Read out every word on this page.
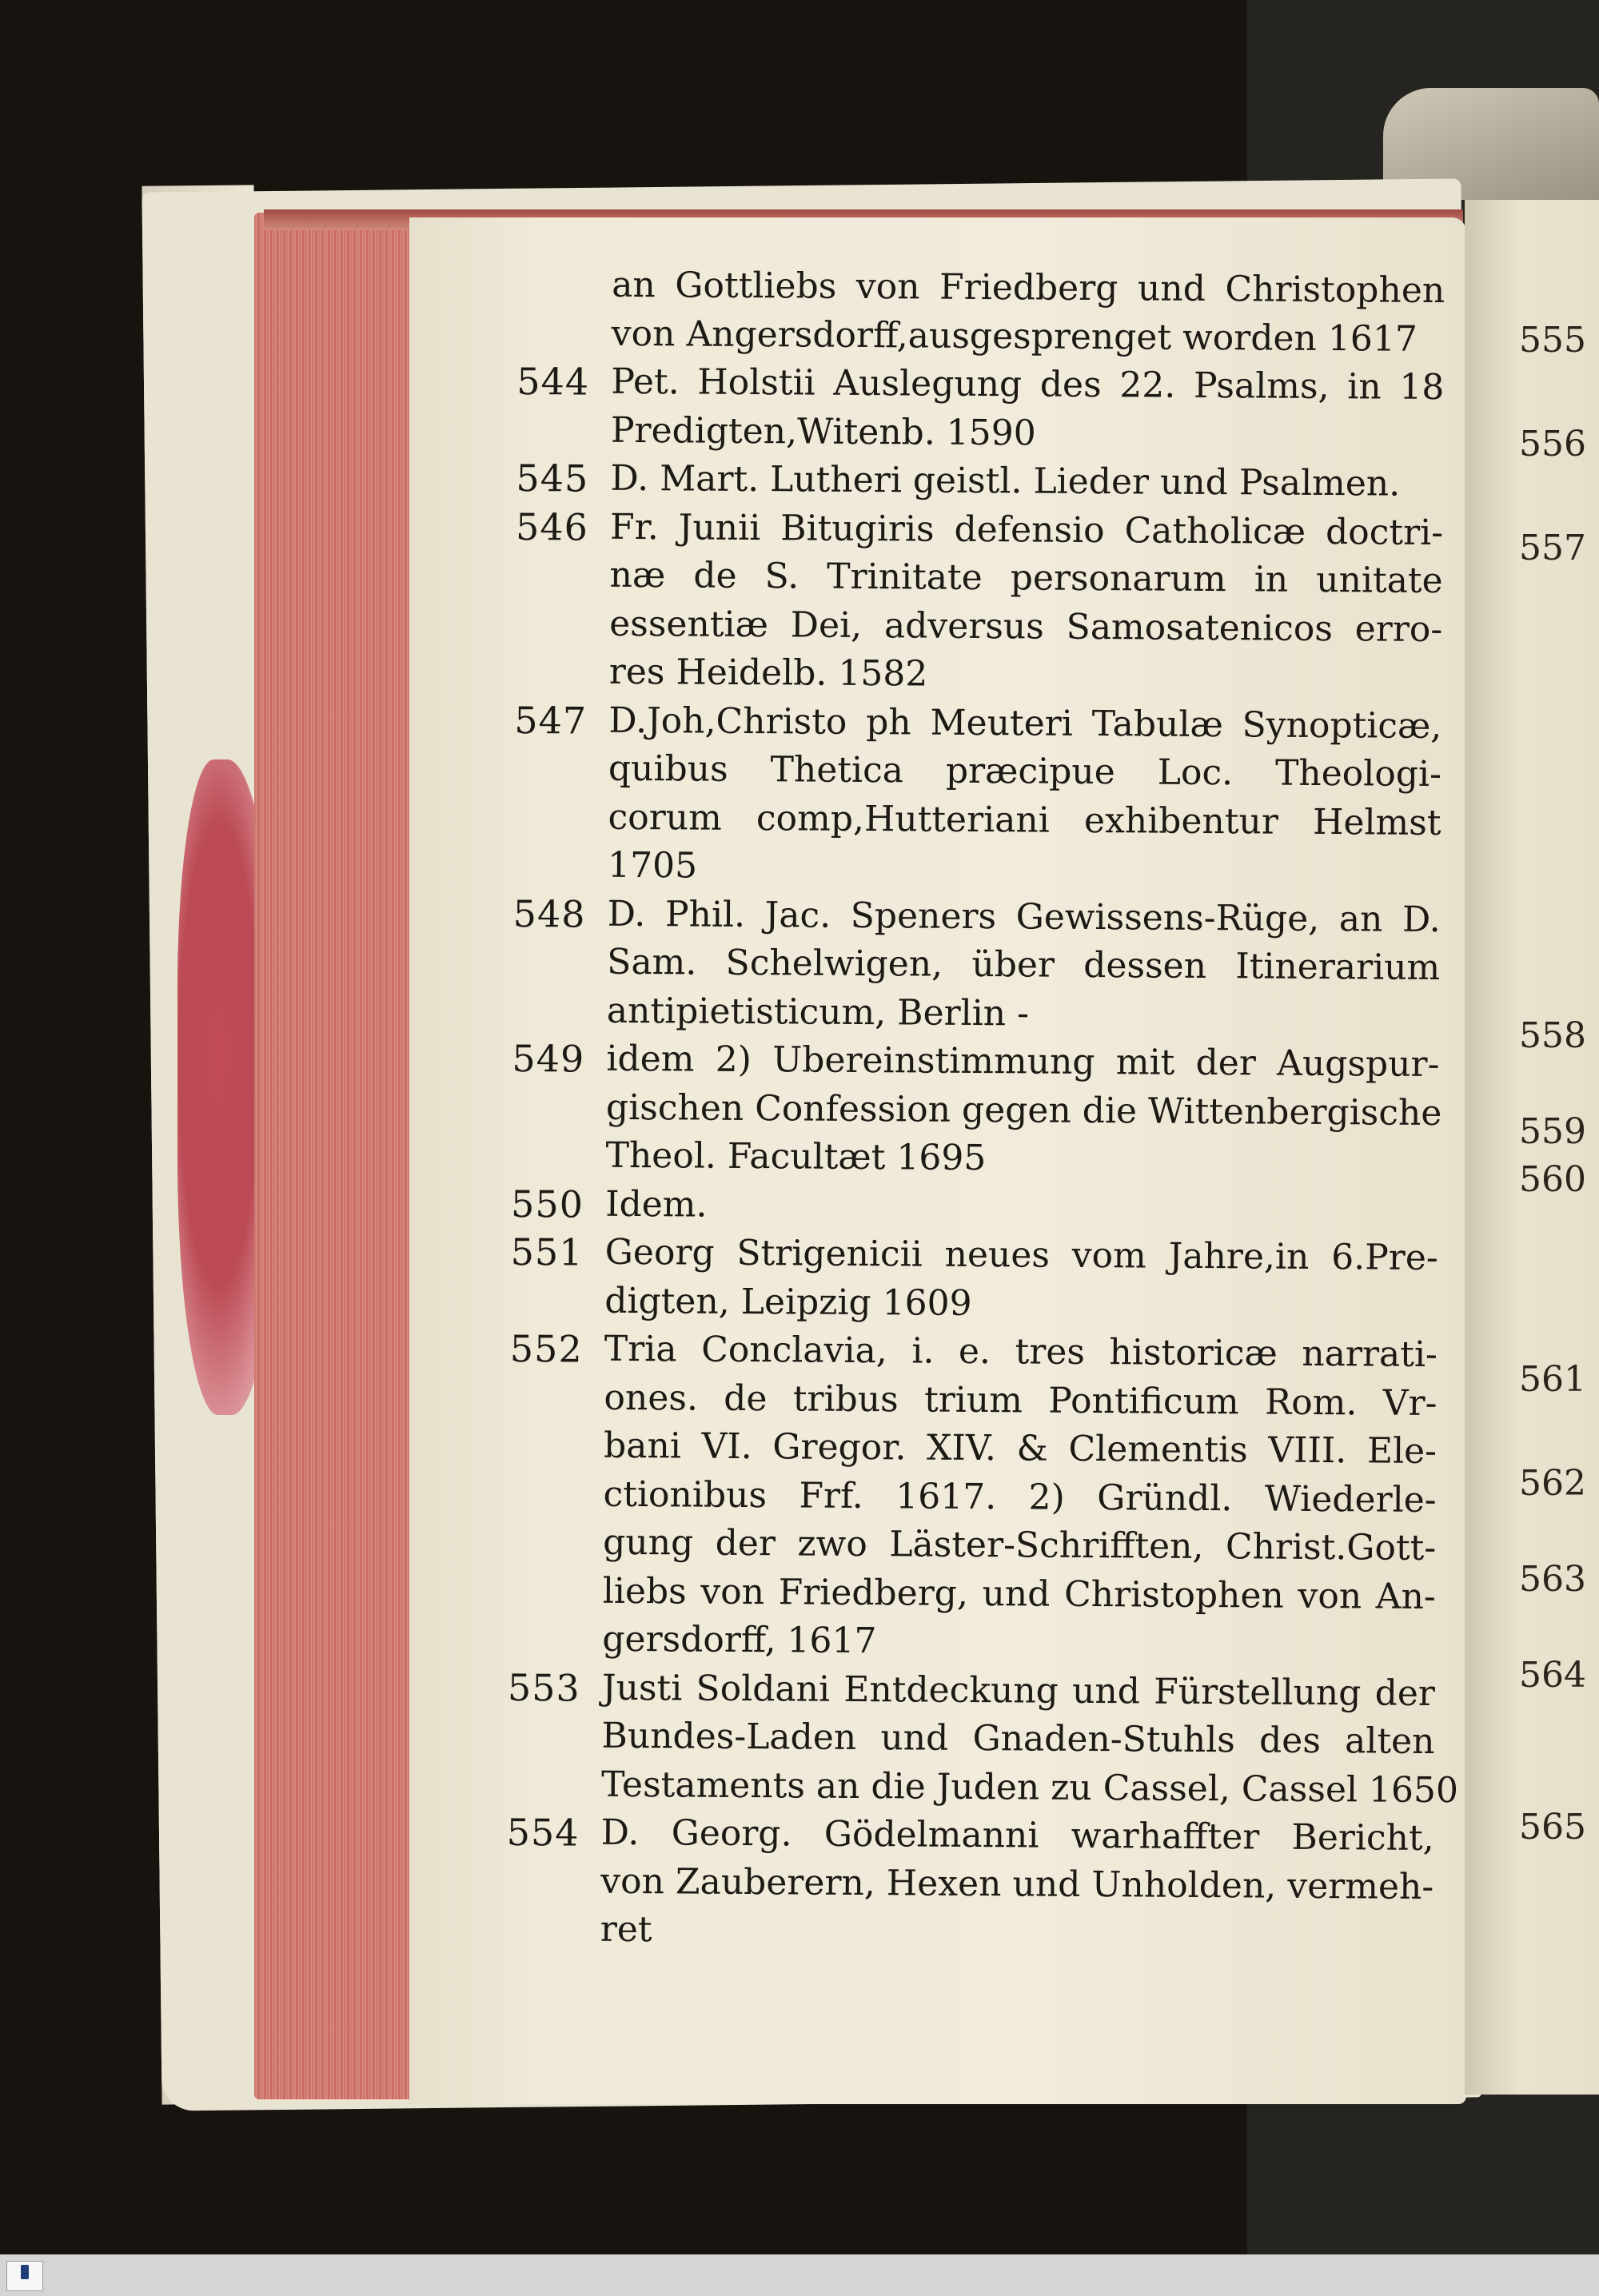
555
556
557
558
559
560
561
562
563
564
565
an Gottliebs von Friedberg und Christophen
von Angersdorff,ausgesprenget worden 1617
544 Pet. Holstii Auslegung des 22. Psalms, in 18
Predigten,Witenb. 1590
545 D. Mart. Lutheri geistl. Lieder und Psalmen.
546 Fr. Junii Bitugiris defensio Catholicæ doctri-
næ de S. Trinitate personarum in unitate
essentiæ Dei, adversus Samosatenicos erro-
res Heidelb. 1582
547 D.Joh,Christo ph Meuteri Tabulæ Synopticæ,
quibus Thetica præcipue Loc. Theologi-
corum comp,Hutteriani exhibentur Helmst
1705
548 D. Phil. Jac. Speners Gewissens-Rüge, an D.
Sam. Schelwigen, über dessen Itinerarium
antipietisticum, Berlin -
549 idem 2) Ubereinstimmung mit der Augspur-
gischen Confession gegen die Wittenbergische
Theol. Facultæt 1695
550 Idem.
551 Georg Strigenicii neues vom Jahre,in 6.Pre-
digten, Leipzig 1609
552 Tria Conclavia, i. e. tres historicæ narrati-
ones. de tribus trium Pontificum Rom. Vr-
bani VI. Gregor. XIV. & Clementis VIII. Ele-
ctionibus Frf. 1617. 2) Gründl. Wiederle-
gung der zwo Läster-Schrifften, Christ.Gott-
liebs von Friedberg, und Christophen von An-
gersdorff, 1617
553 Justi Soldani Entdeckung und Fürstellung der
Bundes-Laden und Gnaden-Stuhls des alten
Testaments an die Juden zu Cassel, Cassel 1650
554 D. Georg. Gödelmanni warhaffter Bericht,
von Zauberern, Hexen und Unholden, vermeh-
ret
